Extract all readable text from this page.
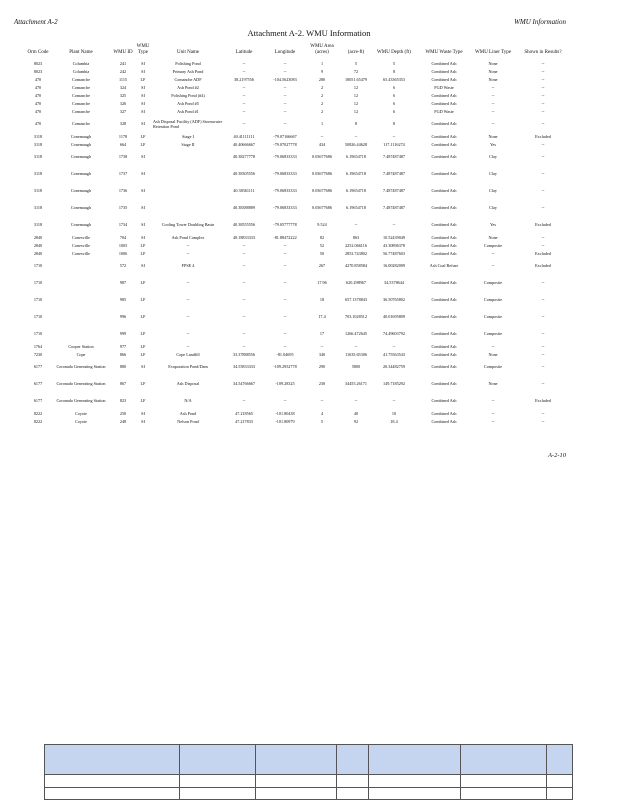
Attachment A-2	WMU Information
Attachment A-2. WMU Information
Orm Code	Plant Name	WMU ID	WMU Type	Unit Name	Latitude	Longitude	WMU Area (acres)	(acre-ft)	WMU Depth (ft)	WMU Waste Type	WMU Liner Type	Shown in Results?
8023	Columbia	241	SI	Polishing Pond	--	--	1	5	5	Combined Ash	None	--
8023	Columbia	242	SI	Primary Ash Pond	--	--	9	72	8	Combined Ash	None	--
470	Comanche	1115	LF	Comanche ADF	38.2197556	-104.5623083	280	18051.65479	65.43365353	Combined Ash	None	--
470	Comanche	324	SI	Ash Pond #2	--	--	2	12	6	FGD Waste	--	--
470	Comanche	325	SI	Polishing Pond (#4)	--	--	2	12	6	Combined Ash	--	--
470	Comanche	326	SI	Ash Pond #5	--	--	2	12	6	Combined Ash	--	--
470	Comanche	327	SI	Ash Pond #1	--	--	2	12	6	FGD Waste	--	--
470	Comanche	328	SI	Ash Disposal Facility (ADF) Stormwater Retention Pond	--	--	1	8	8	Combined Ash	--	--
3118	Conemaugh	1178	LF	Stage I	40.41111111	-79.07166667	--	--	--	Combined Ash	None	Excluded
3118	Conemaugh	664	LF	Stage II	40.40666667	-79.07027778	434	50826.44628	117.1116274	Combined Ash	Yes	--
3118	Conemaugh	1738	SI		40.38277778	-79.06833333	0.03677686	6.19654718	7.487487487	Combined Ash	Clay	--
3118	Conemaugh	1737	SI		40.38305556	-79.06833333	0.03677686	6.19654718	7.487487487	Combined Ash	Clay	--
3118	Conemaugh	1736	SI		40.38361111	-79.06833333	0.03677686	6.19654718	7.487487487	Combined Ash	Clay	--
3118	Conemaugh	1735	SI		40.38388889	-79.06833333	0.03677686	6.19654718	7.487487487	Combined Ash	Clay	--
3118	Conemaugh	1734	SI	Cooling Tower Doubling Basin	40.38555556	-79.05777778	9.524	--	--	Combined Ash	Yes	Excluded
2840	Conesville	704	SI	Ash Pond Complex	40.18833333	-81.88472222	82	863	10.52439049	Combined Ash	None	--
2840	Conesville	1005	LF	--	--	--	52	2252.066116	43.30896378	Combined Ash	Composite	--
2840	Conesville	1006	LF	--	--	--	50	2853.743802	56.77487603	Combined Ash	--	Excluded
1710		572	SI	FPSE 4	--	--	267	4270.858584	16.00282009	Ash Coal Refuse	--	Excluded
1710		987	LF	--	--	--	17.96	620.298967	34.5378644	Combined Ash	Composite	--
1710		985	LF	--	--	--	18	657.1378843	36.50765802	Combined Ash	Composite	--
1710		996	LF	--	--	--	17.4	703.1028512	40.01695809	Combined Ash	Composite	--
1710		999	LF	--	--	--	17	1266.472645	74.49603792	Combined Ash	Composite	--
1764	Cooper Station	977	LF	--	--	--	--	--	--	Combined Ash	--	--
7230	Cope	866	LF	Cope Landfill	33.37888556	-81.04695	340	11635.65306	41.75563543	Combined Ash	None	--
6177	Coronado Generating Station	880	SI	Evaporation Pond/Dam	34.55833333	-109.2952778	290	5800	20.34482759	Combined Ash	Composite	--
6177	Coronado Generating Station	867	LF	Ash Disposal	34.54766667	-109.28325	230	34455.26171	149.7185292	Combined Ash	None	--
6177	Coronado Generating Station	823	LF	N/A	--	--	--	--	--	Combined Ash	--	Excluded
8222	Coyote	250	SI	Ash Pond	47.218565	-101.80438	4	40	10	Combined Ash	--	--
8222	Coyote	248	SI	Nelson Pond	47.217833	-101.80979	5	92	18.4	Combined Ash	--	--
A-2-10
